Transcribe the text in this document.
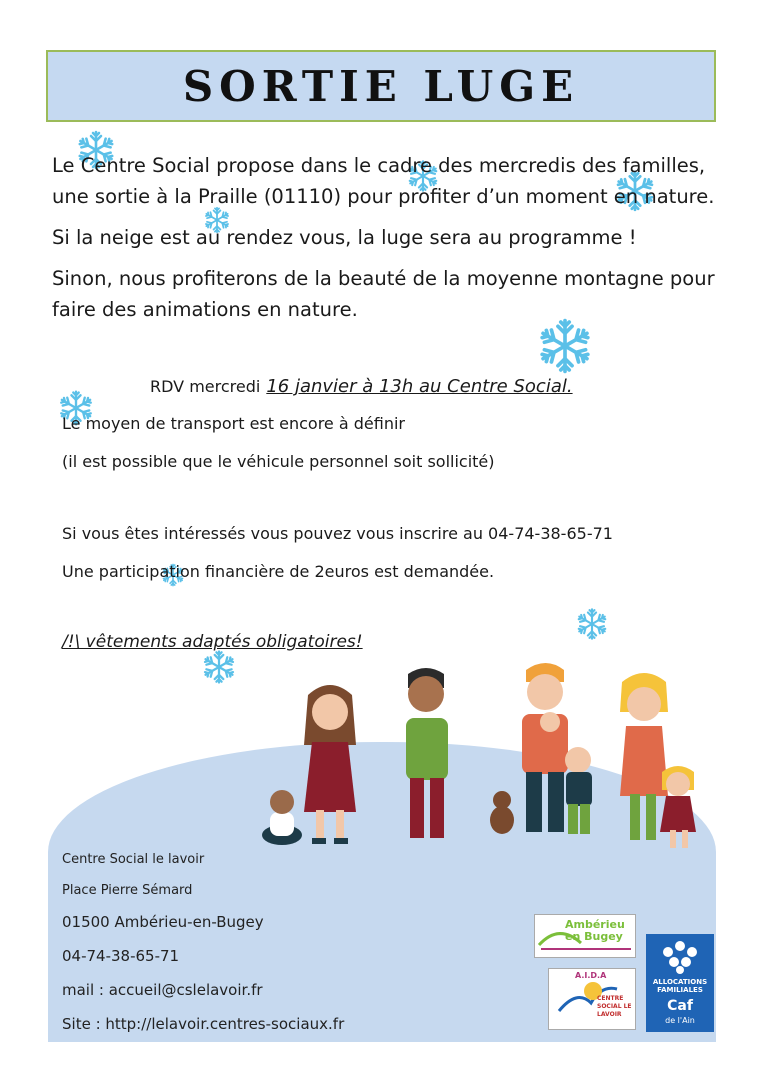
SORTIE LUGE

Le Centre Social propose dans le cadre des mercredis des familles, une sortie à la Praille (01110) pour profiter d’un moment en nature.

Si la neige est au rendez vous, la luge sera au programme !

Sinon, nous profiterons de la beauté de la moyenne montagne pour faire des animations en nature.

RDV mercredi 16 janvier à 13h au Centre Social.
Le moyen de transport est encore à définir
(il est possible que le véhicule personnel soit sollicité)
Si vous êtes intéressés vous pouvez vous inscrire au 04-74-38-65-71
Une participation financière de 2euros est demandée.
/!\ vêtements adaptés obligatoires!
Centre Social le lavoir
Place Pierre Sémard
01500 Ambérieu-en-Bugey
04-74-38-65-71
mail : accueil@cslelavoir.fr
Site : http://lelavoir.centres-sociaux.fr
Ambérieu en Bugey
A.I.D.A
CENTRE SOCIAL LE LAVOIR
ALLOCATIONS FAMILIALES
Caf
de l'Ain
